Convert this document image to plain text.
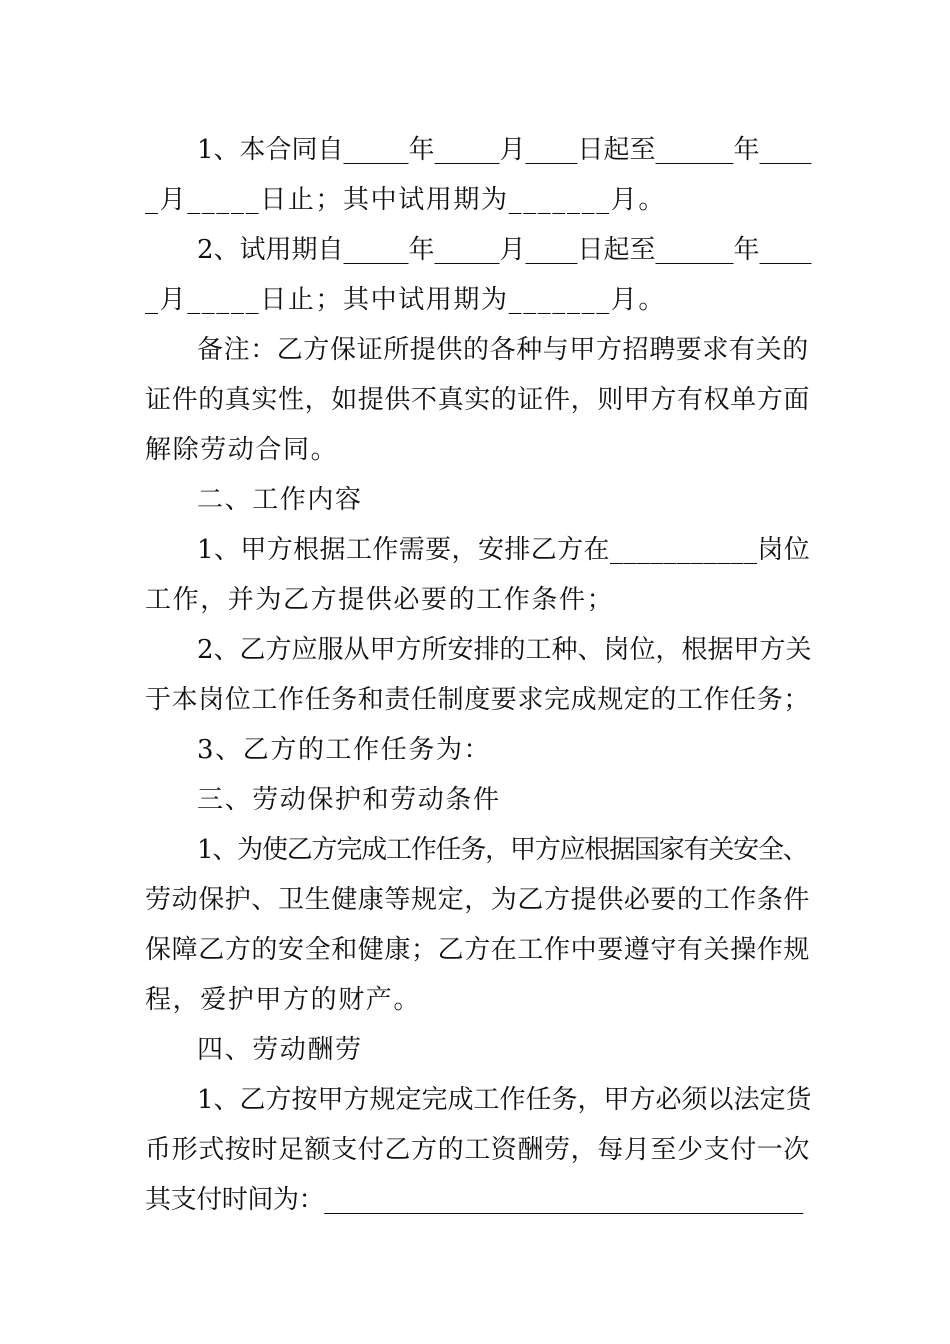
1、本合同自_____年_____月____日起至______年____

_月_____日止；其中试用期为_______月。

2、试用期自_____年_____月____日起至______年____

_月_____日止；其中试用期为_______月。

备注：乙方保证所提供的各种与甲方招聘要求有关的

证件的真实性，如提供不真实的证件，则甲方有权单方面

解除劳动合同。

二、工作内容

1、甲方根据工作需要，安排乙方在___________岗位

工作，并为乙方提供必要的工作条件；

2、乙方应服从甲方所安排的工种、岗位，根据甲方关

于本岗位工作任务和责任制度要求完成规定的工作任务；

3、乙方的工作任务为：

三、劳动保护和劳动条件

1、为使乙方完成工作任务，甲方应根据国家有关安全、

劳动保护、卫生健康等规定，为乙方提供必要的工作条件

保障乙方的安全和健康；乙方在工作中要遵守有关操作规

程，爱护甲方的财产。

四、劳动酬劳

1、乙方按甲方规定完成工作任务，甲方必须以法定货

币形式按时足额支付乙方的工资酬劳，每月至少支付一次

其支付时间为：______________________________________
